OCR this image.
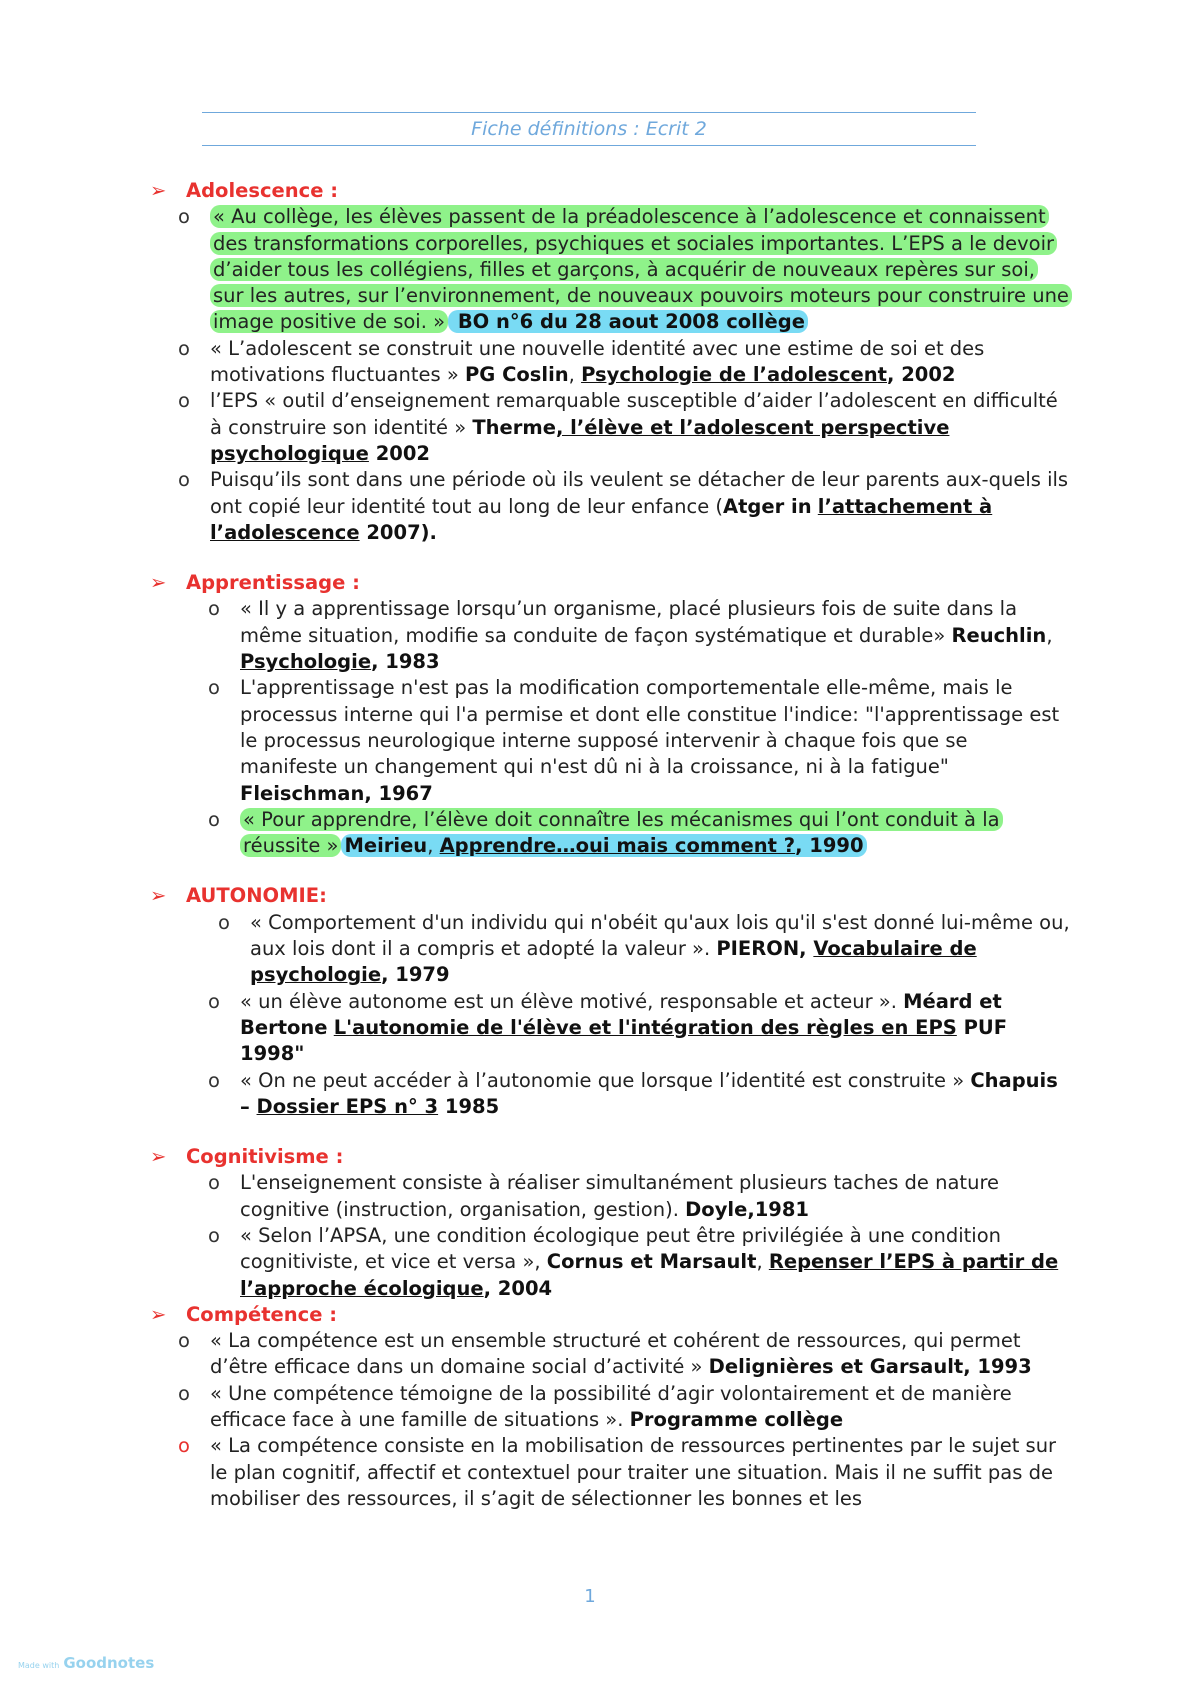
Fiche définitions : Ecrit 2
➢	Adolescence :
o	« Au collège, les élèves passent de la préadolescence à l’adolescence et connaissent des transformations corporelles, psychiques et sociales importantes. L’EPS a le devoir d’aider tous les collégiens, filles et garçons, à acquérir de nouveaux repères sur soi, sur les autres, sur l’environnement, de nouveaux pouvoirs moteurs pour construire une image positive de soi. » BO n°6 du 28 aout 2008 collège
o	« L’adolescent se construit une nouvelle identité avec une estime de soi et des motivations fluctuantes » PG Coslin, Psychologie de l’adolescent, 2002
o	l’EPS « outil d’enseignement remarquable susceptible d’aider l’adolescent en difficulté à construire son identité » Therme, l’élève et l’adolescent perspective psychologique 2002
o	Puisqu’ils sont dans une période où ils veulent se détacher de leur parents aux-quels ils ont copié leur identité tout au long de leur enfance (Atger in l’attachement à l’adolescence 2007).
➢	Apprentissage :
o	« Il y a apprentissage lorsqu’un organisme, placé plusieurs fois de suite dans la même situation, modifie sa conduite de façon systématique et durable» Reuchlin, Psychologie, 1983
o	L'apprentissage n'est pas la modification comportementale elle-même, mais le processus interne qui l'a permise et dont elle constitue l'indice: "l'apprentissage est le processus neurologique interne supposé intervenir à chaque fois que se manifeste un changement qui n'est dû ni à la croissance, ni à la fatigue" Fleischman, 1967
o	« Pour apprendre, l’élève doit connaître les mécanismes qui l’ont conduit à la réussite » Meirieu, Apprendre…oui mais comment ?, 1990
➢	AUTONOMIE:
o	« Comportement d'un individu qui n'obéit qu'aux lois qu'il s'est donné lui-même ou, aux lois dont il a compris et adopté la valeur ». PIERON, Vocabulaire de psychologie, 1979
o	« un élève autonome est un élève motivé, responsable et acteur ». Méard et Bertone L'autonomie de l'élève et l'intégration des règles en EPS PUF 1998"
o	« On ne peut accéder à l’autonomie que lorsque l’identité est construite » Chapuis – Dossier EPS n° 3 1985
➢	Cognitivisme :
o	L'enseignement consiste à réaliser simultanément plusieurs taches de nature cognitive (instruction, organisation, gestion). Doyle,1981
o	« Selon l’APSA, une condition écologique peut être privilégiée à une condition cognitiviste, et vice et versa », Cornus et Marsault, Repenser l’EPS à partir de l’approche écologique, 2004
➢	Compétence :
o	« La compétence est un ensemble structuré et cohérent de ressources, qui permet d’être efficace dans un domaine social d’activité » Delignières et Garsault, 1993
o	« Une compétence témoigne de la possibilité d’agir volontairement et de manière efficace face à une famille de situations ». Programme collège
o	« La compétence consiste en la mobilisation de ressources pertinentes par le sujet sur le plan cognitif, affectif et contextuel pour traiter une situation. Mais il ne suffit pas de mobiliser des ressources, il s’agit de sélectionner les bonnes et les
1
Made with Goodnotes
